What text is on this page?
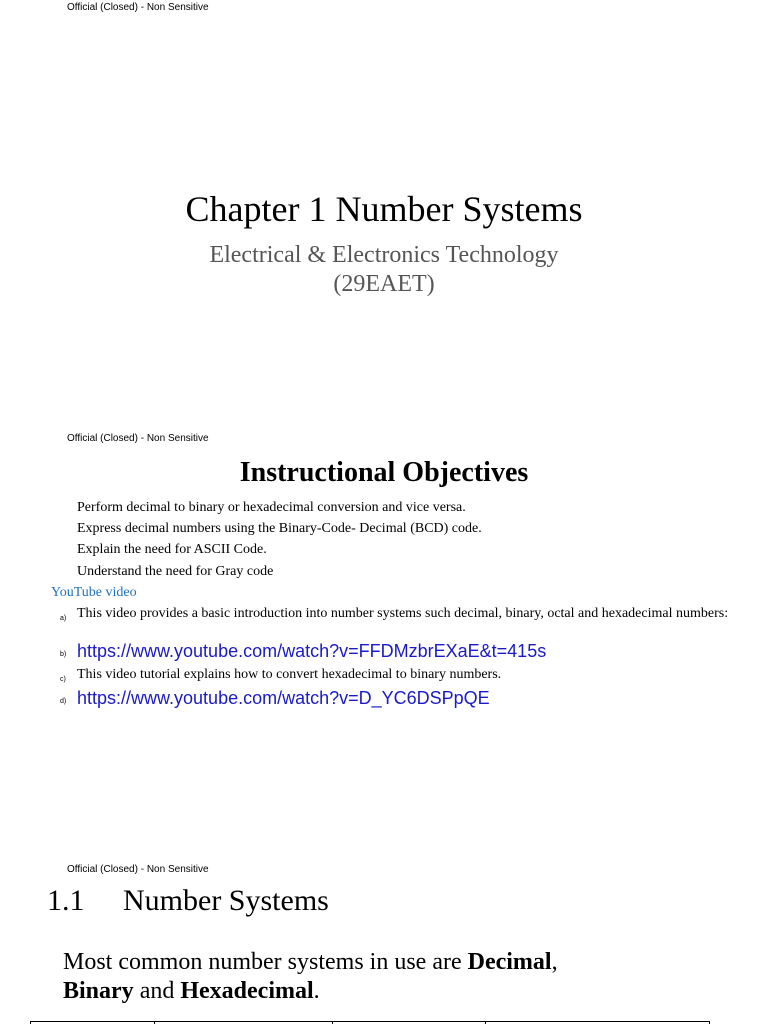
Official (Closed) - Non Sensitive
Chapter 1 Number Systems
Electrical & Electronics Technology
(29EAET)
Official (Closed) - Non Sensitive
Instructional Objectives
Perform decimal to binary or hexadecimal conversion and vice versa.
Express decimal numbers using the Binary-Code- Decimal (BCD) code.
Explain the need for ASCII Code.
Understand the need for Gray code
YouTube video
a) This video provides a basic introduction into number systems such decimal, binary, octal and hexadecimal numbers:
b) https://www.youtube.com/watch?v=FFDMzbrEXaE&t=415s
c) This video tutorial explains how to convert hexadecimal to binary numbers.
d) https://www.youtube.com/watch?v=D_YC6DSPpQE
Official (Closed) - Non Sensitive
1.1 Number Systems
Most common number systems in use are Decimal,
Binary and Hexadecimal.
